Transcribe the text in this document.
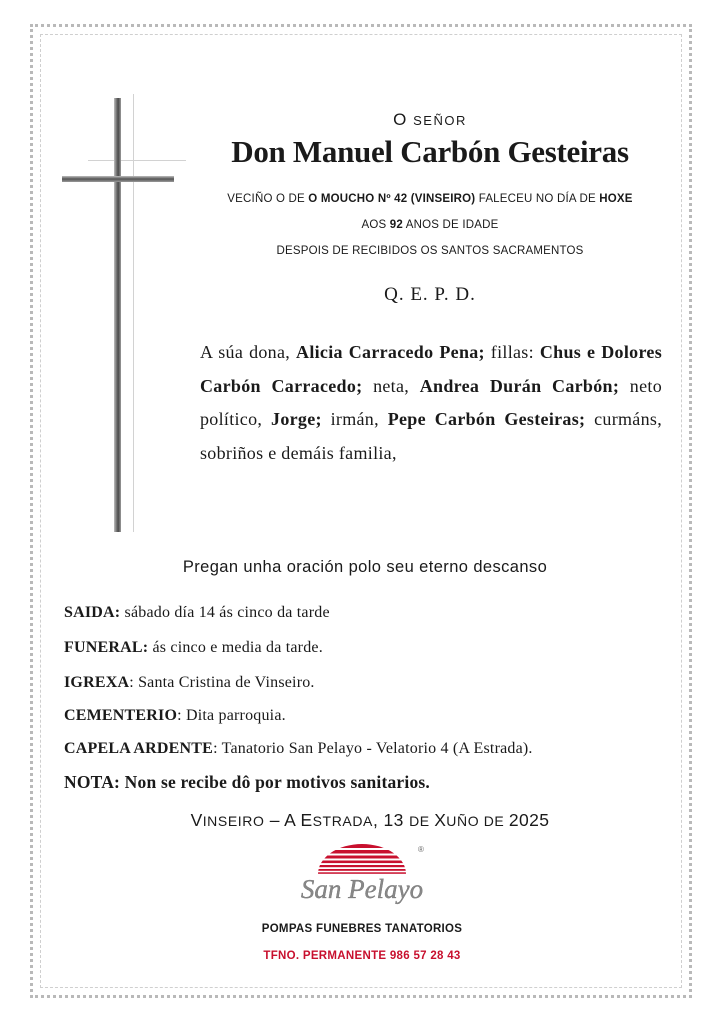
O SEÑOR
Don Manuel Carbón Gesteiras
VECIÑO O DE O MOUCHO Nº 42 (VINSEIRO) FALECEU NO DÍA DE HOXE
AOS 92 ANOS DE IDADE
DESPOIS DE RECIBIDOS OS SANTOS SACRAMENTOS
Q. E. P. D.
A súa dona, Alicia Carracedo Pena; fillas: Chus e Dolores Carbón Carracedo; neta, Andrea Durán Carbón; neto político, Jorge; irmán, Pepe Carbón Gesteiras; curmáns, sobriños e demáis familia,
Pregan unha oración polo seu eterno descanso
SAIDA: sábado día 14 ás cinco da tarde
FUNERAL: ás cinco e media da tarde.
IGREXA: Santa Cristina de Vinseiro.
CEMENTERIO: Dita parroquia.
CAPELA ARDENTE: Tanatorio San Pelayo - Velatorio 4 (A Estrada).
NOTA: Non se recibe dô por motivos sanitarios.
VINSEIRO – A ESTRADA, 13 DE XUÑO DE 2025
®
San Pelayo
POMPAS FUNEBRES TANATORIOS
TFNO. PERMANENTE 986 57 28 43
